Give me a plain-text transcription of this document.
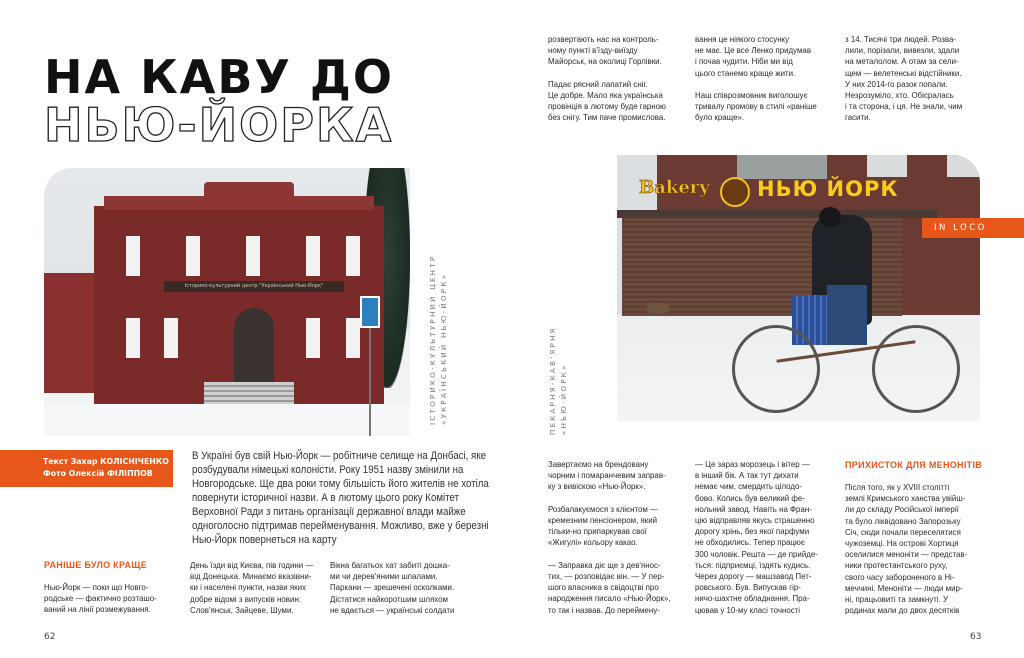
НА КАВУ ДО
НЬЮ-ЙОРКА
Історико-культурний центр "Український Нью-Йорк"
ІСТОРИКО-КУЛЬТУРНИЙ ЦЕНТР
«УКРАЇНСЬКИЙ НЬЮ-ЙОРК»
Bakery НЬЮ ЙОРК
IN LOCO
ПЕКАРНЯ-КАВ'ЯРНЯ
«НЬЮ-ЙОРК»
Текст Захар КОЛІСНІЧЕНКО
Фото Олексій ФІЛІППОВ
В Україні був свій Нью-Йорк — робітниче селище на Донбасі, яке розбудували німецькі колоністи. Року 1951 назву змінили на Новгородське. Ще два роки тому більшість його жителів не хотіла повернути історичної назви. А в лютому цього року Комітет Верховної Ради з питань організації державної влади майже одноголосно підтримав перейменування. Можливо, вже у березні Нью-Йорк повернеться на карту
РАНІШЕ БУЛО КРАЩЕ

Нью-Йорк — поки що Новго-
родське — фактично розташо-
ваний на лінії розмежування.

День їзди від Києва, пів години —
від Донецька. Минаємо вказівни-
ки і населені пункти, назви яких
добре відомі з випусків новин:
Слов'янськ, Зайцеве, Шуми.

Вікна багатьох хат забиті дошка-
ми чи дерев'яними шпалами.
Паркани — зрешечені осколками.
Дістатися найкоротшим шляхом
не вдається — українські солдати

62

розвертають нас на контроль-
ному пункті в'їзду-виїзду
Майорськ, на околиці Горлівки.

Падає рясний лапатий сніг.
Це добре. Мало яка українська
провінція в лютому буде гарною
без снігу. Тим паче промислова.

вання це ніякого стосунку
не має. Це все Ленко придумав
і почав чудити. Ніби ми від
цього станемо краще жити.

Наш співрозмовник виголошує
тривалу промову в стилі «раніше
було краще».

з 14. Тисячі три людей. Розва-
лили, порізали, вивезли, здали
на металолом. А отам за сели-
щем — велетенські відстійники.
У них 2014-го разок попали.
Незрозуміло, хто. Обісралась
і та сторона, і ця. Не знали, чим
гасити.

Завертаємо на брендовану
чорним і помаранчевим заправ-
ку з вивіскою «Нью-Йорк».

Розбалакуємося з клієнтом —
кремезним пенсіонером, який
тільки-но припаркував свої
«Жигулі» кольору какао.

— Заправка діє ще з дев'янос-
тих, — розповідає він. — У пер-
шого власника в свідоцтві про
народження писало «Нью-Йорк»,
то так і назвав. До перейменy-

— Це зараз морозець і вітер —
в інший бік. А так тут дихати
немає чим, смердить цілодо-
бово. Колись був великий фе-
нольний завод. Навіть на Фран-
цію відправляв якусь страшенно
дорогу хрінь, без якої парфуми
не обходились. Тепер працює
300 чоловік. Решта — де прийде-
ться: підприємці, їздять кудись.
Через дорогу — машзавод Пет-
ровського. Був. Випускав гір-
ничо-шахтне обладнання. Пра-
цював у 10-му класі точності

ПРИХИСТОК ДЛЯ МЕНОНІТІВ

Після того, як у XVIII столітті
землі Кримського ханства увійш-
ли до складу Російської імперії
та було ліквідовано Запорозьку
Січ, сюди почали переселятися
чужоземці. На острові Хортиця
оселилися меноніти — представ-
ники протестантського руху,
свого часу забороненого в Ні-
меччині. Меноніти — люди мир-
ні, працьовиті та замкнуті. У
родинах мали до двох десятків

63
